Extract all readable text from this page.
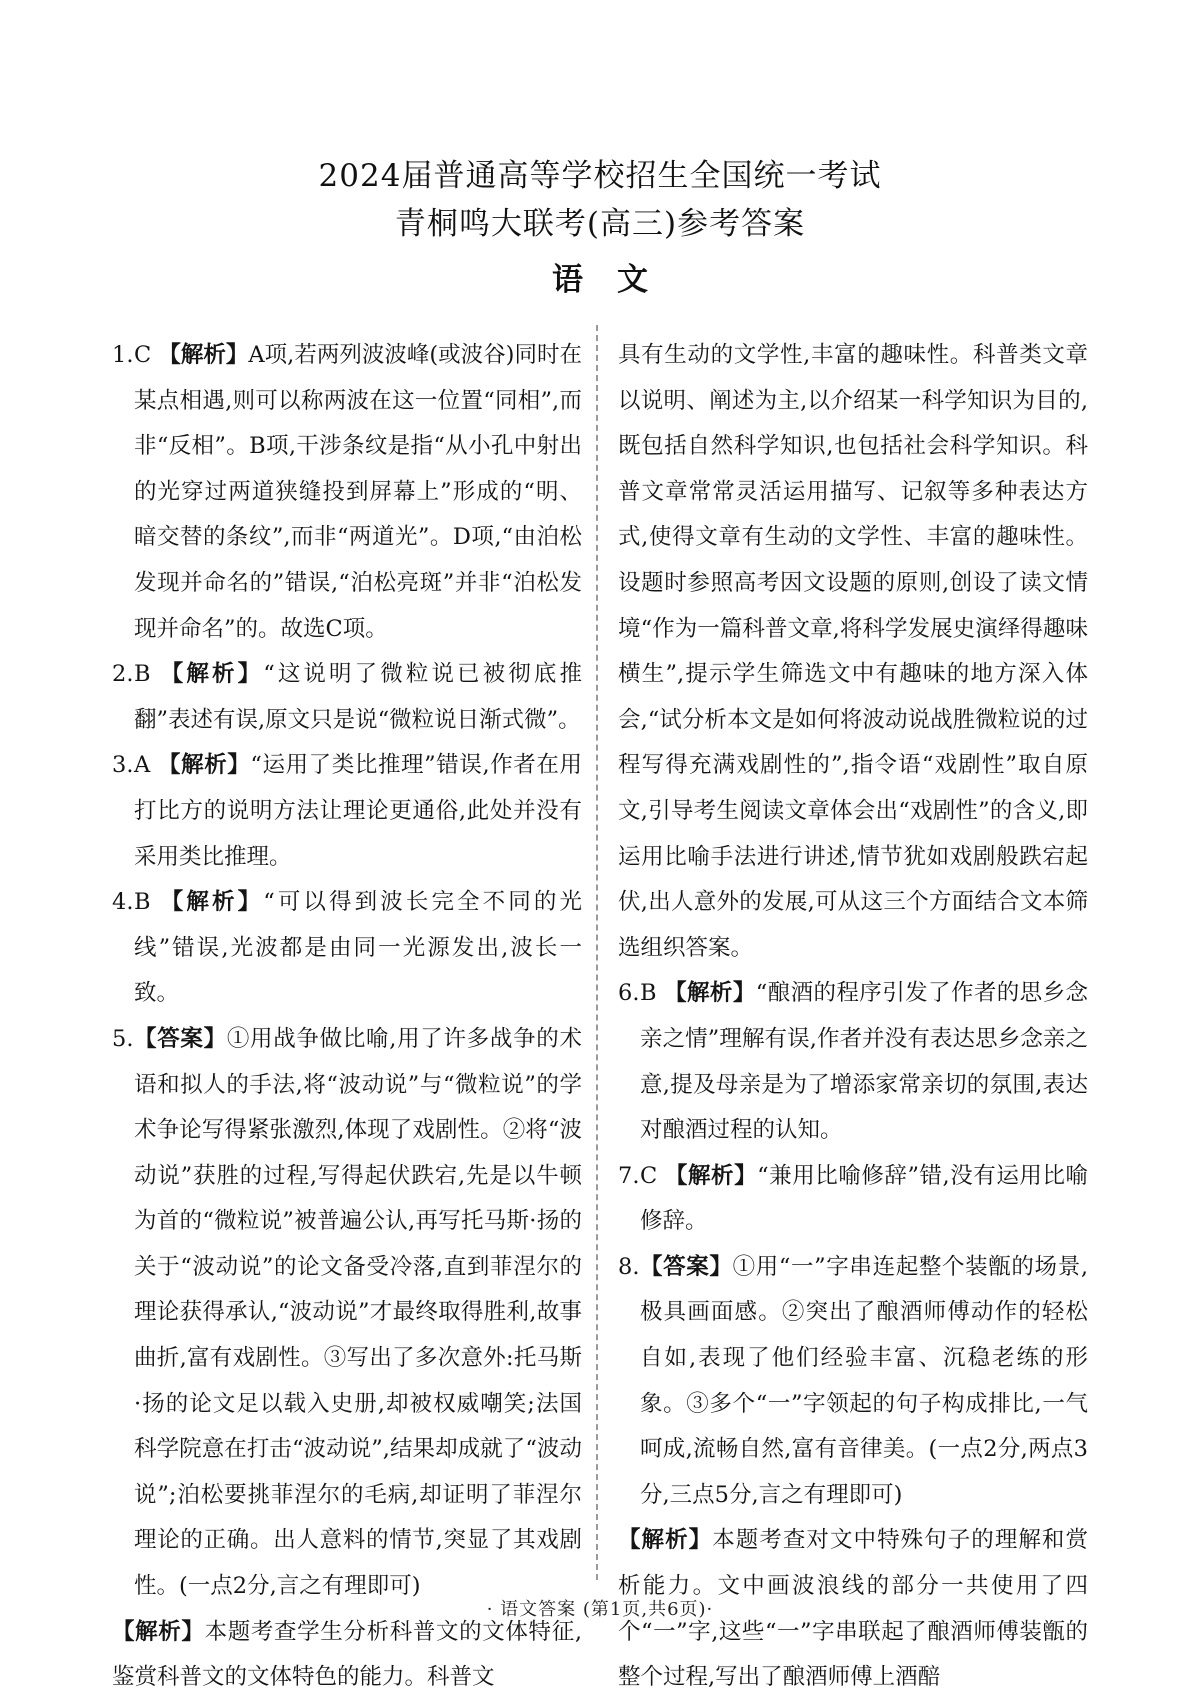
2024届普通高等学校招生全国统一考试
青桐鸣大联考(高三)参考答案
语文
1. C 【解析】A项,若两列波波峰(或波谷)同时在某点相遇,则可以称两波在这一位置“同相”,而非“反相”。B项,干涉条纹是指“从小孔中射出的光穿过两道狭缝投到屏幕上”形成的“明、暗交替的条纹”,而非“两道光”。D项,“由泊松发现并命名的”错误,“泊松亮斑”并非“泊松发现并命名”的。故选C项。
2. B 【解析】“这说明了微粒说已被彻底推翻”表述有误,原文只是说“微粒说日渐式微”。
3. A 【解析】“运用了类比推理”错误,作者在用打比方的说明方法让理论更通俗,此处并没有采用类比推理。
4. B 【解析】“可以得到波长完全不同的光线”错误,光波都是由同一光源发出,波长一致。
5. 【答案】①用战争做比喻,用了许多战争的术语和拟人的手法,将“波动说”与“微粒说”的学术争论写得紧张激烈,体现了戏剧性。②将“波动说”获胜的过程,写得起伏跌宕,先是以牛顿为首的“微粒说”被普遍公认,再写托马斯·扬的关于“波动说”的论文备受冷落,直到菲涅尔的理论获得承认,“波动说”才最终取得胜利,故事曲折,富有戏剧性。③写出了多次意外:托马斯·扬的论文足以载入史册,却被权威嘲笑;法国科学院意在打击“波动说”,结果却成就了“波动说”;泊松要挑菲涅尔的毛病,却证明了菲涅尔理论的正确。出人意料的情节,突显了其戏剧性。(一点2分,言之有理即可)
【解析】本题考查学生分析科普文的文体特征,鉴赏科普文的文体特色的能力。科普文
具有生动的文学性,丰富的趣味性。科普类文章以说明、阐述为主,以介绍某一科学知识为目的,既包括自然科学知识,也包括社会科学知识。科普文章常常灵活运用描写、记叙等多种表达方式,使得文章有生动的文学性、丰富的趣味性。设题时参照高考因文设题的原则,创设了读文情境“作为一篇科普文章,将科学发展史演绎得趣味横生”,提示学生筛选文中有趣味的地方深入体会,“试分析本文是如何将波动说战胜微粒说的过程写得充满戏剧性的”,指令语“戏剧性”取自原文,引导考生阅读文章体会出“戏剧性”的含义,即运用比喻手法进行讲述,情节犹如戏剧般跌宕起伏,出人意外的发展,可从这三个方面结合文本筛选组织答案。
6. B 【解析】“酿酒的程序引发了作者的思乡念亲之情”理解有误,作者并没有表达思乡念亲之意,提及母亲是为了增添家常亲切的氛围,表达对酿酒过程的认知。
7. C 【解析】“兼用比喻修辞”错,没有运用比喻修辞。
8. 【答案】①用“一”字串连起整个装甑的场景,极具画面感。②突出了酿酒师傅动作的轻松自如,表现了他们经验丰富、沉稳老练的形象。③多个“一”字领起的句子构成排比,一气呵成,流畅自然,富有音律美。(一点2分,两点3分,三点5分,言之有理即可)
【解析】本题考查对文中特殊句子的理解和赏析能力。文中画波浪线的部分一共使用了四个“一”字,这些“一”字串联起了酿酒师傅装甑的整个过程,写出了酿酒师傅上酒醅
· 语文答案 (第1页,共6页)·
